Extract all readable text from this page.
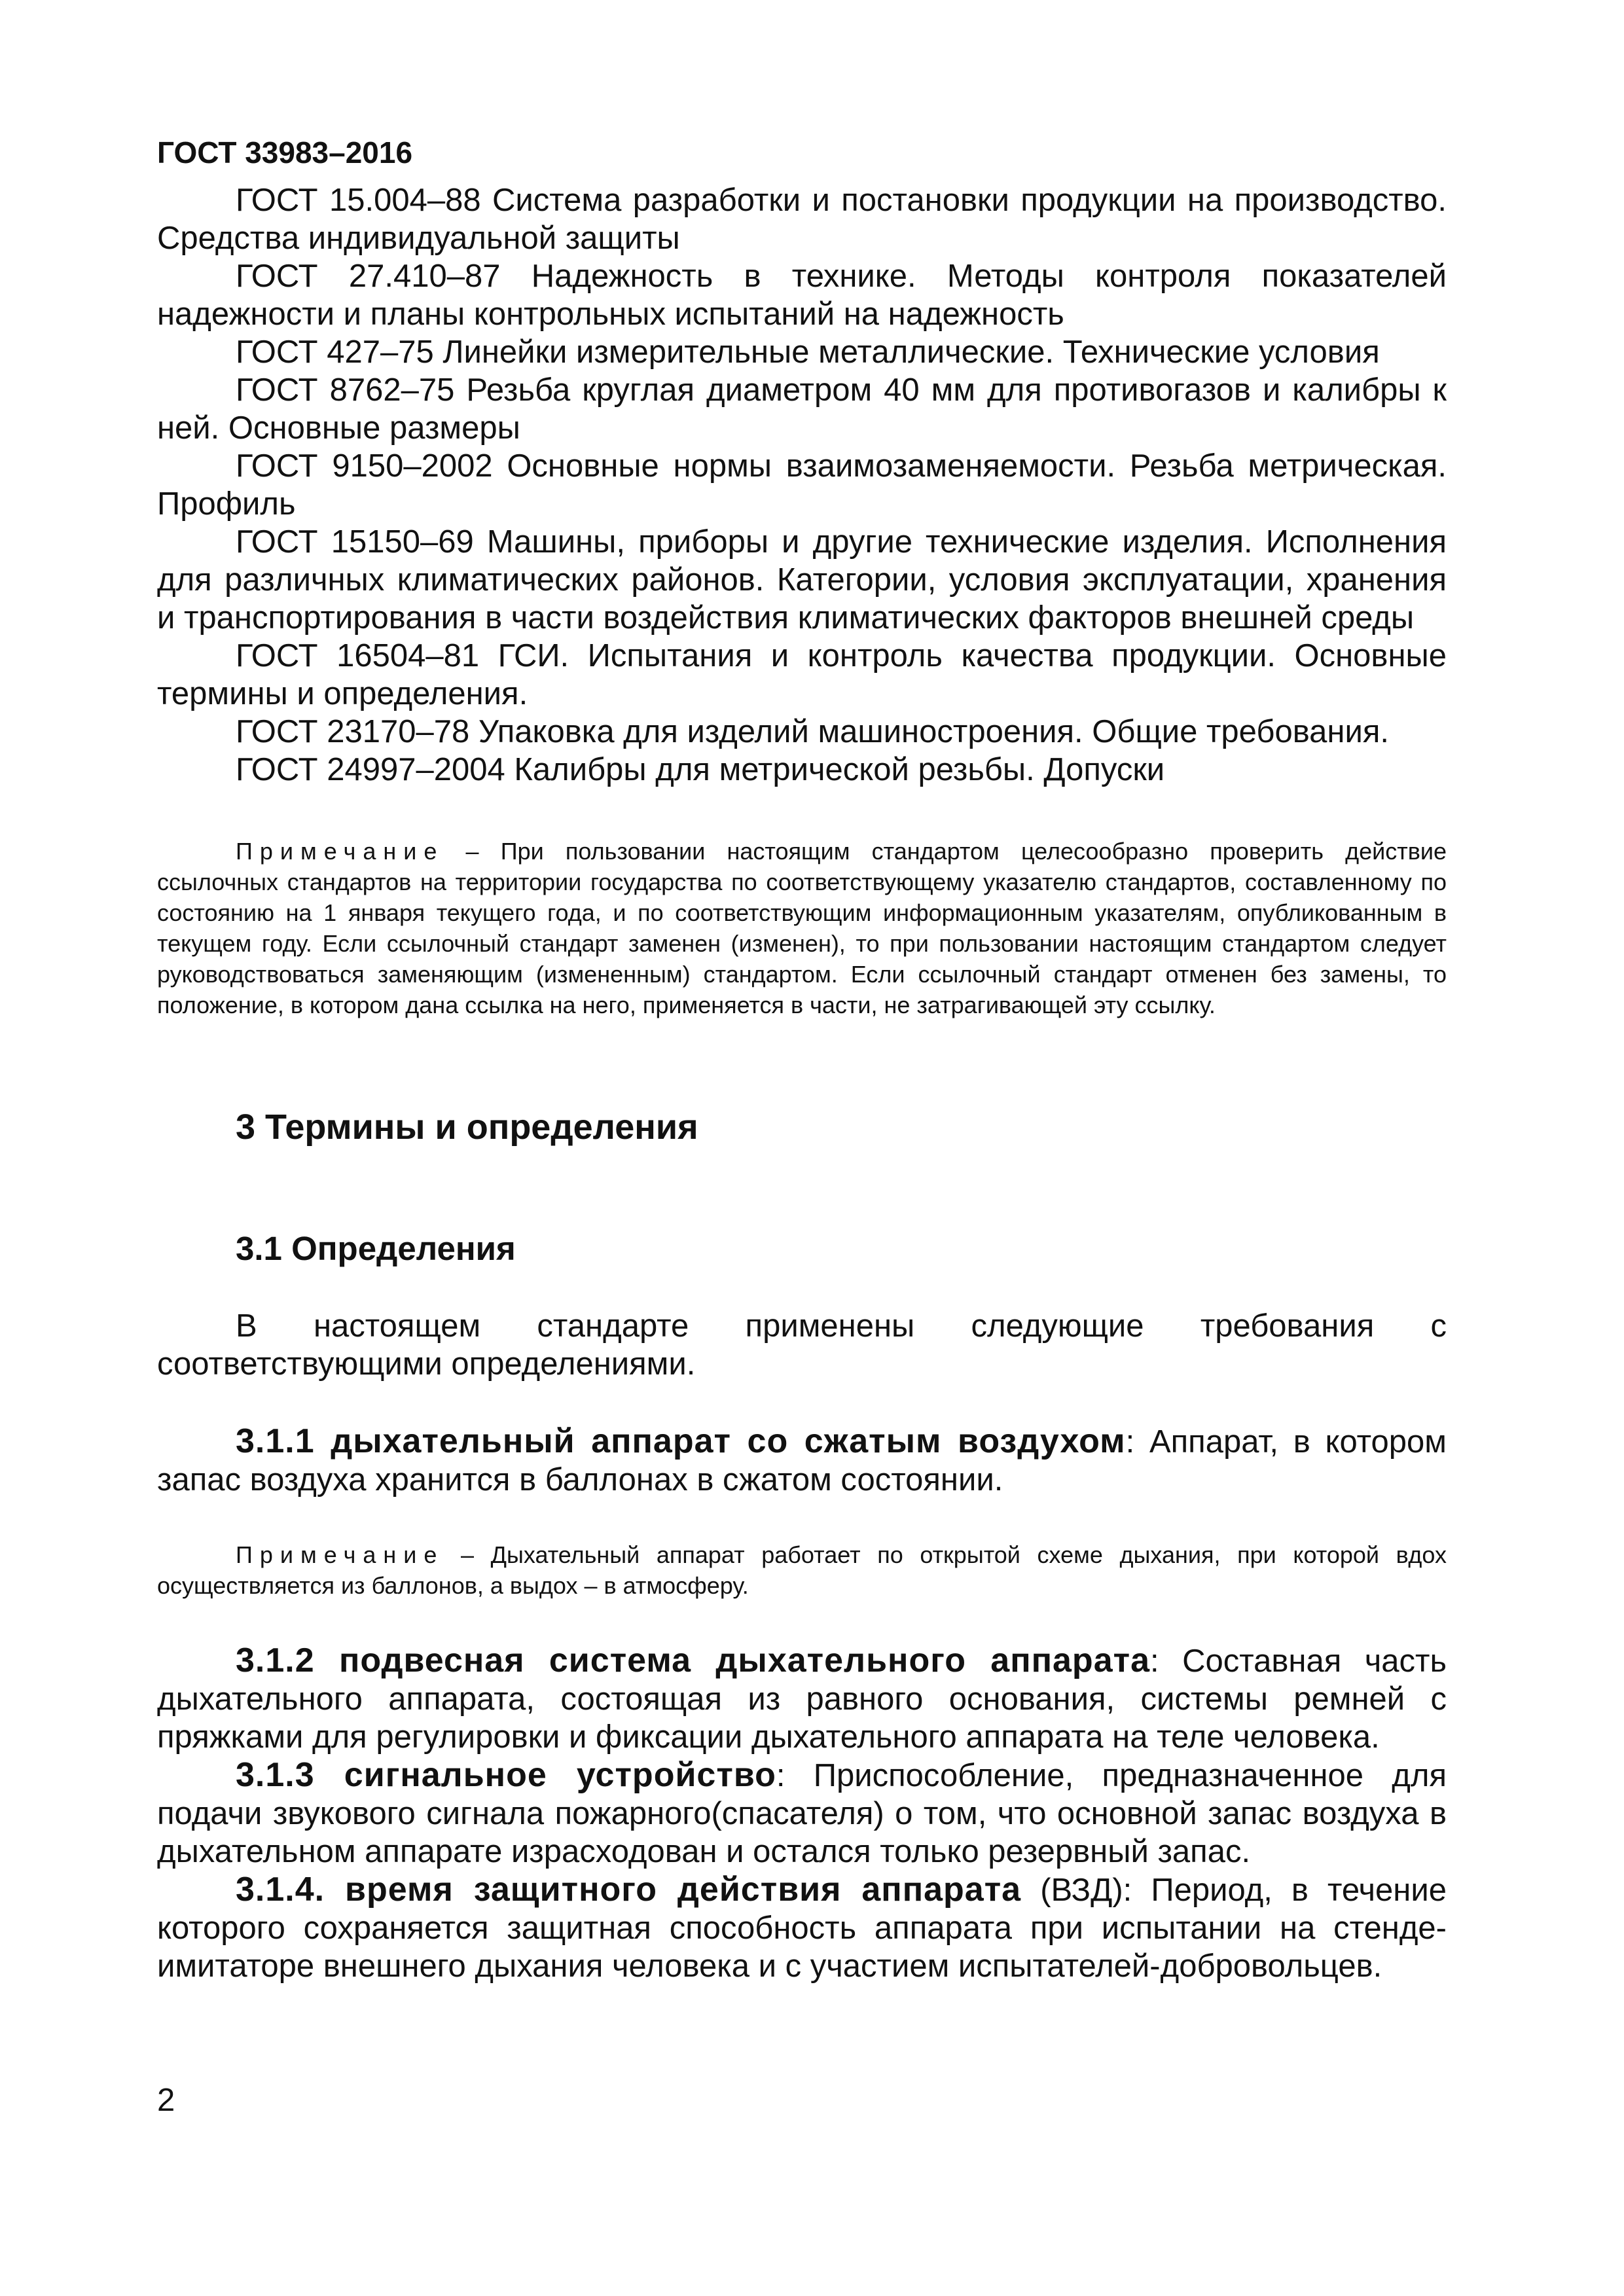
ГОСТ 33983–2016

ГОСТ 15.004–88 Система разработки и постановки продукции на производство. Средства индивидуальной защиты

ГОСТ 27.410–87 Надежность в технике. Методы контроля показателей надежности и планы контрольных испытаний на надежность

ГОСТ 427–75 Линейки измерительные металлические. Технические условия

ГОСТ 8762–75 Резьба круглая диаметром 40 мм для противогазов и калибры к ней. Основные размеры

ГОСТ 9150–2002 Основные нормы взаимозаменяемости. Резьба метрическая. Профиль

ГОСТ 15150–69 Машины, приборы и другие технические изделия. Исполнения для различных климатических районов. Категории, условия эксплуатации, хранения и транспортирования в части воздействия климатических факторов внешней среды

ГОСТ 16504–81 ГСИ. Испытания и контроль качества продукции. Основные термины и определения.

ГОСТ 23170–78 Упаковка для изделий машиностроения. Общие требования.

ГОСТ 24997–2004 Калибры для метрической резьбы. Допуски

Примечание – При пользовании настоящим стандартом целесообразно проверить действие ссылочных стандартов на территории государства по соответствующему указателю стандартов, составленному по состоянию на 1 января текущего года, и по соответствующим информационным указателям, опубликованным в текущем году. Если ссылочный стандарт заменен (изменен), то при пользовании настоящим стандартом следует руководствоваться заменяющим (измененным) стандартом. Если ссылочный стандарт отменен без замены, то положение, в котором дана ссылка на него, применяется в части, не затрагивающей эту ссылку.

3 Термины и определения
3.1 Определения

В настоящем стандарте применены следующие требования с соответствующими определениями.

3.1.1 дыхательный аппарат со сжатым воздухом: Аппарат, в котором запас воздуха хранится в баллонах в сжатом состоянии.

Примечание – Дыхательный аппарат работает по открытой схеме дыхания, при которой вдох осуществляется из баллонов, а выдох – в атмосферу.

3.1.2 подвесная система дыхательного аппарата: Составная часть дыхательного аппарата, состоящая из равного основания, системы ремней с пряжками для регулировки и фиксации дыхательного аппарата на теле человека.

3.1.3 сигнальное устройство: Приспособление, предназначенное для подачи звукового сигнала пожарного(спасателя) о том, что основной запас воздуха в дыхательном аппарате израсходован и остался только резервный запас.

3.1.4. время защитного действия аппарата (ВЗД): Период, в течение которого сохраняется защитная способность аппарата при испытании на стенде-имитаторе внешнего дыхания человека и с участием испытателей-добровольцев.

2
